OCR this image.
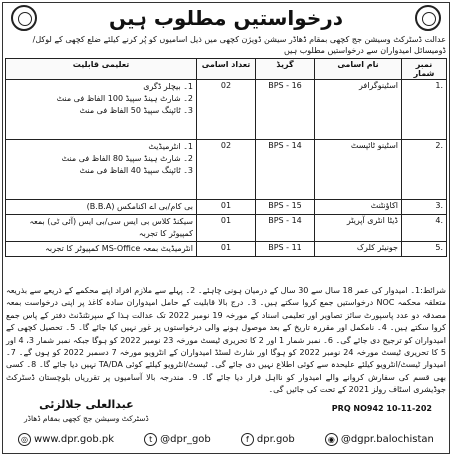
درخواستیں مطلوب ہیں
عدالت ڈسٹرکٹ وسیشن جج کچھی بمقام ڈھاڈر سیشن ڈویژن کچھی میں ذیل اسامیوں کو پُر کرنے کیلئے ضلع کچھی کے لوکل/ڈومیسائل امیدواران سے درخواستیں مطلوب ہیں
نمبر شمار	نام اسامی	گریڈ	تعداد اسامی	تعلیمی قابلیت
.1	اسٹینوگرافر	BPS - 16	02	1۔ بیچلر ڈگری
2۔ شارٹ ہینڈ سپیڈ 100 الفاظ فی منٹ
3۔ ٹائپنگ سپیڈ 50 الفاظ فی منٹ

.2	اسٹینو ٹائپسٹ	BPS - 14	02	1۔ انٹرمیڈیٹ
2۔ شارٹ ہینڈ سپیڈ 80 الفاظ فی منٹ
3۔ ٹائپنگ سپیڈ 40 الفاظ فی منٹ

.3	اکاؤنٹنٹ	BPS - 15	01	بی کام/بی اے اکنامکس (B.B.A)
.4	ڈیٹا انٹری آپریٹر	BPS - 14	01	سیکنڈ کلاس بی ایس سی/بی ایس (آئی ٹی) بمعہ کمپیوٹر کا تجربہ
.5	جونیئر کلرک	BPS - 11	01	انٹرمیڈیٹ بمعہ MS-Office کمپیوٹر کا تجربہ
شرائط:1۔ امیدوار کی عمر 18 سال سے 30 سال کے درمیان ہونی چاہئے۔ 2۔ پہلے سے ملازم افراد اپنے محکمے کے ذریعے سے بذریعہ متعلقہ محکمہ NOC درخواستیں جمع کروا سکتے ہیں۔ 3۔ درج بالا قابلیت کے حامل امیدواران سادہ کاغذ پر اپنی درخواست بمعہ مصدقہ دو عدد پاسپورٹ سائز تصاویر اور تعلیمی اسناد کے مورخہ 19 نومبر 2022 تک عدالت ہذا کے سپرنٹنڈنٹ دفتر کے پاس جمع کروا سکتے ہیں۔ 4۔ نامکمل اور مقررہ تاریخ کے بعد موصول ہونے والی درخواستوں پر غور نہیں کیا جائے گا۔ 5۔ تحصیل کچھی کے امیدواران کو ترجیح دی جائے گی۔ 6۔ نمبر شمار 1 اور 2 کا تحریری ٹیسٹ مورخہ 23 نومبر 2022 کو ہوگا جبکہ نمبر شمار 3، 4 اور 5 کا تحریری ٹیسٹ مورخہ 24 نومبر 2022 کو ہوگا اور شارٹ لسٹڈ امیدواران کے انٹرویو مورخہ 7 دسمبر 2022 کو ہوں گے۔ 7۔ امیدوار ٹیسٹ/انٹرویو کیلئے علیحدہ سے کوئی اطلاع نہیں دی جائے گی۔ ٹیسٹ/انٹرویو کیلئے کوئی TA/DA نہیں دیا جائے گا۔ 8۔ کسی بھی قسم کی سفارش کروانے والے امیدوار کو نااہل قرار دیا جائے گا۔ 9۔ مندرجہ بالا آسامیوں پر تقرریاں بلوچستان ڈسٹرکٹ جوڈیشری اسٹاف رولز 2021 کے تحت کی جائیں گی۔
عبدالعلی جلالزئی
ڈسٹرکٹ وسیشن جج کچھی بمقام ڈھاڈر
PRQ NO942 10-11-202
◎ www.dpr.gob.pk	t @dpr_gob	f dpr.gob	◉ @dgpr.balochistan
